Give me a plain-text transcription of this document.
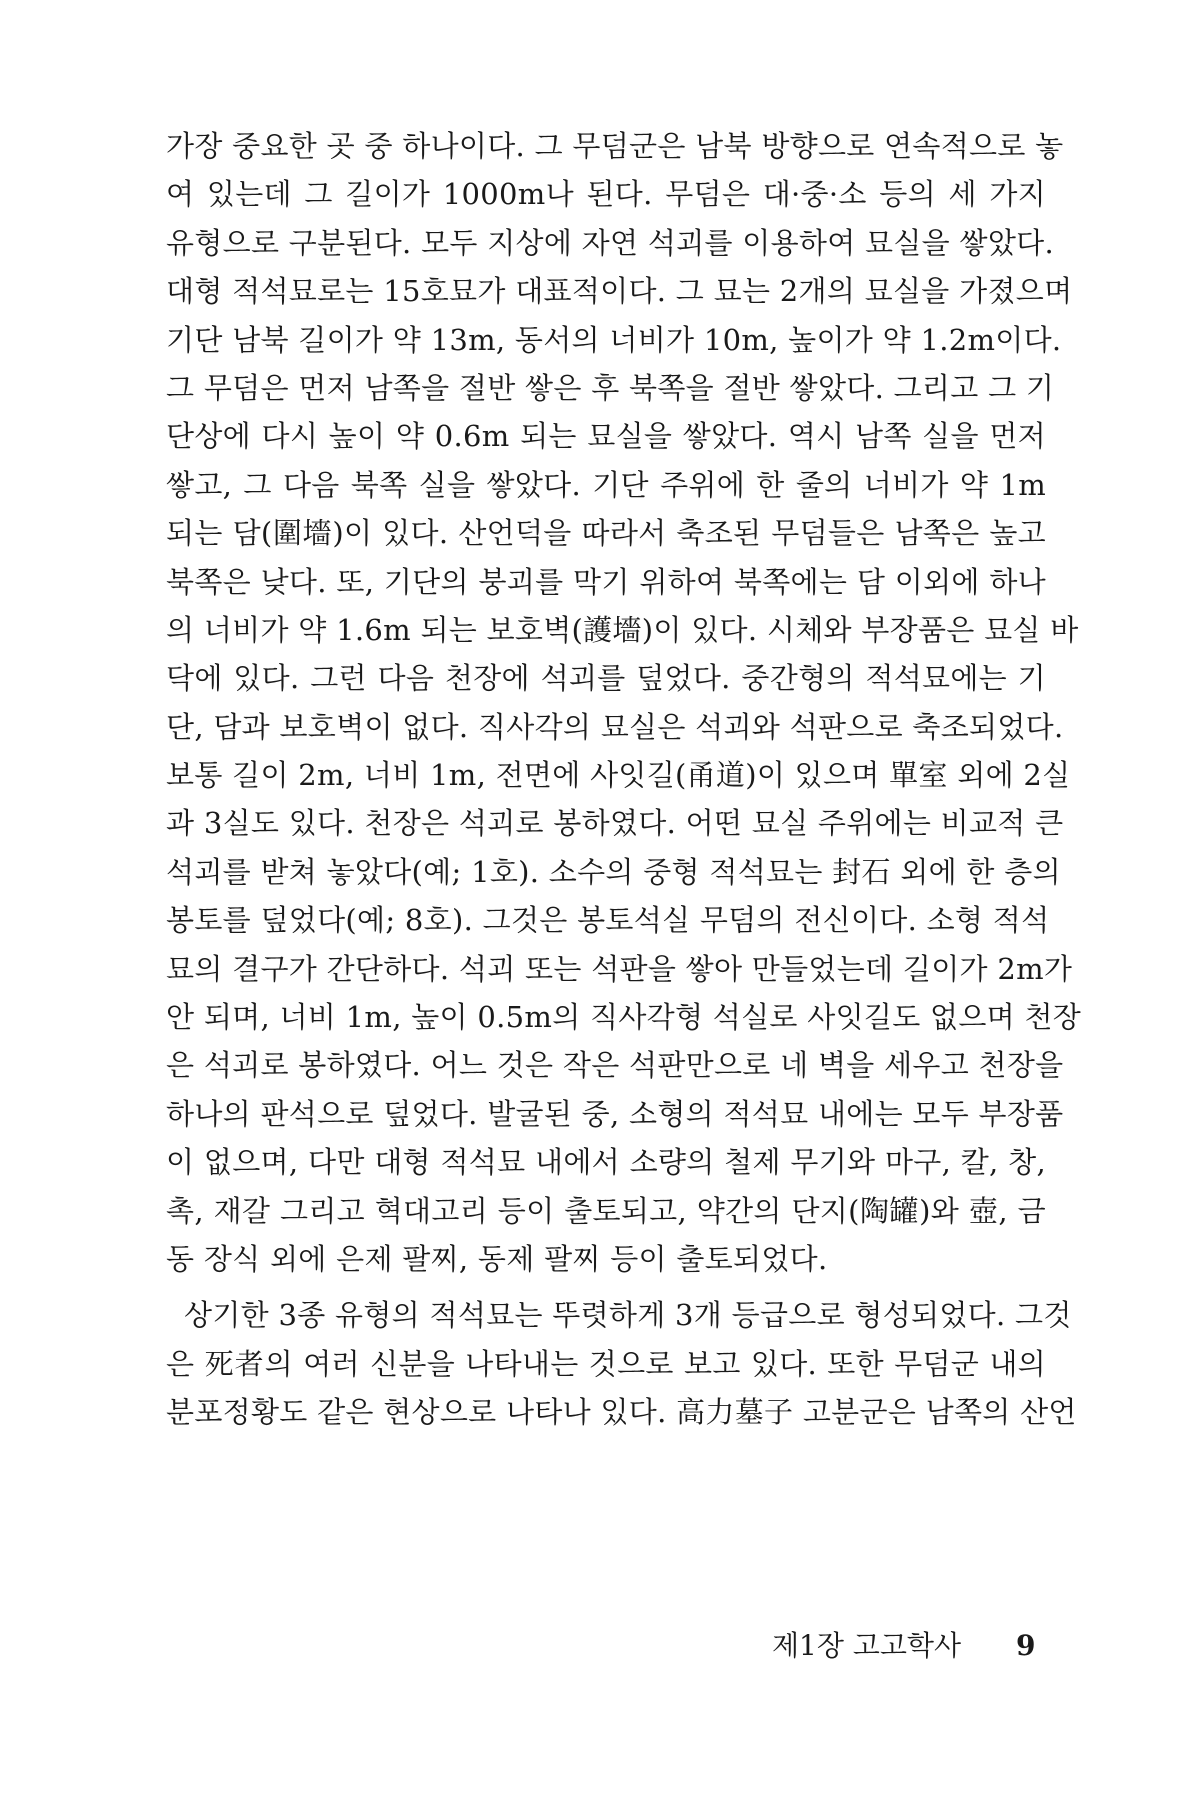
가장 중요한 곳 중 하나이다. 그 무덤군은 남북 방향으로 연속적으로 놓
여 있는데 그 길이가 1000m나 된다. 무덤은 대·중·소 등의 세 가지
유형으로 구분된다. 모두 지상에 자연 석괴를 이용하여 묘실을 쌓았다.
대형 적석묘로는 15호묘가 대표적이다. 그 묘는 2개의 묘실을 가졌으며
기단 남북 길이가 약 13m, 동서의 너비가 10m, 높이가 약 1.2m이다.
그 무덤은 먼저 남쪽을 절반 쌓은 후 북쪽을 절반 쌓았다. 그리고 그 기
단상에 다시 높이 약 0.6m 되는 묘실을 쌓았다. 역시 남쪽 실을 먼저
쌓고, 그 다음 북쪽 실을 쌓았다. 기단 주위에 한 줄의 너비가 약 1m
되는 담(圍墻)이 있다. 산언덕을 따라서 축조된 무덤들은 남쪽은 높고
북쪽은 낮다. 또, 기단의 붕괴를 막기 위하여 북쪽에는 담 이외에 하나
의 너비가 약 1.6m 되는 보호벽(護墻)이 있다. 시체와 부장품은 묘실 바
닥에 있다. 그런 다음 천장에 석괴를 덮었다. 중간형의 적석묘에는 기
단, 담과 보호벽이 없다. 직사각의 묘실은 석괴와 석판으로 축조되었다.
보통 길이 2m, 너비 1m, 전면에 사잇길(甬道)이 있으며 單室 외에 2실
과 3실도 있다. 천장은 석괴로 봉하였다. 어떤 묘실 주위에는 비교적 큰
석괴를 받쳐 놓았다(예; 1호). 소수의 중형 적석묘는 封石 외에 한 층의
봉토를 덮었다(예; 8호). 그것은 봉토석실 무덤의 전신이다. 소형 적석
묘의 결구가 간단하다. 석괴 또는 석판을 쌓아 만들었는데 길이가 2m가
안 되며, 너비 1m, 높이 0.5m의 직사각형 석실로 사잇길도 없으며 천장
은 석괴로 봉하였다. 어느 것은 작은 석판만으로 네 벽을 세우고 천장을
하나의 판석으로 덮었다. 발굴된 중, 소형의 적석묘 내에는 모두 부장품
이 없으며, 다만 대형 적석묘 내에서 소량의 철제 무기와 마구, 칼, 창,
촉, 재갈 그리고 혁대고리 등이 출토되고, 약간의 단지(陶罐)와 壺, 금
동 장식 외에 은제 팔찌, 동제 팔찌 등이 출토되었다.
상기한 3종 유형의 적석묘는 뚜렷하게 3개 등급으로 형성되었다. 그것
은 死者의 여러 신분을 나타내는 것으로 보고 있다. 또한 무덤군 내의
분포정황도 같은 현상으로 나타나 있다. 高力墓子 고분군은 남쪽의 산언
제1장 고고학사 9
